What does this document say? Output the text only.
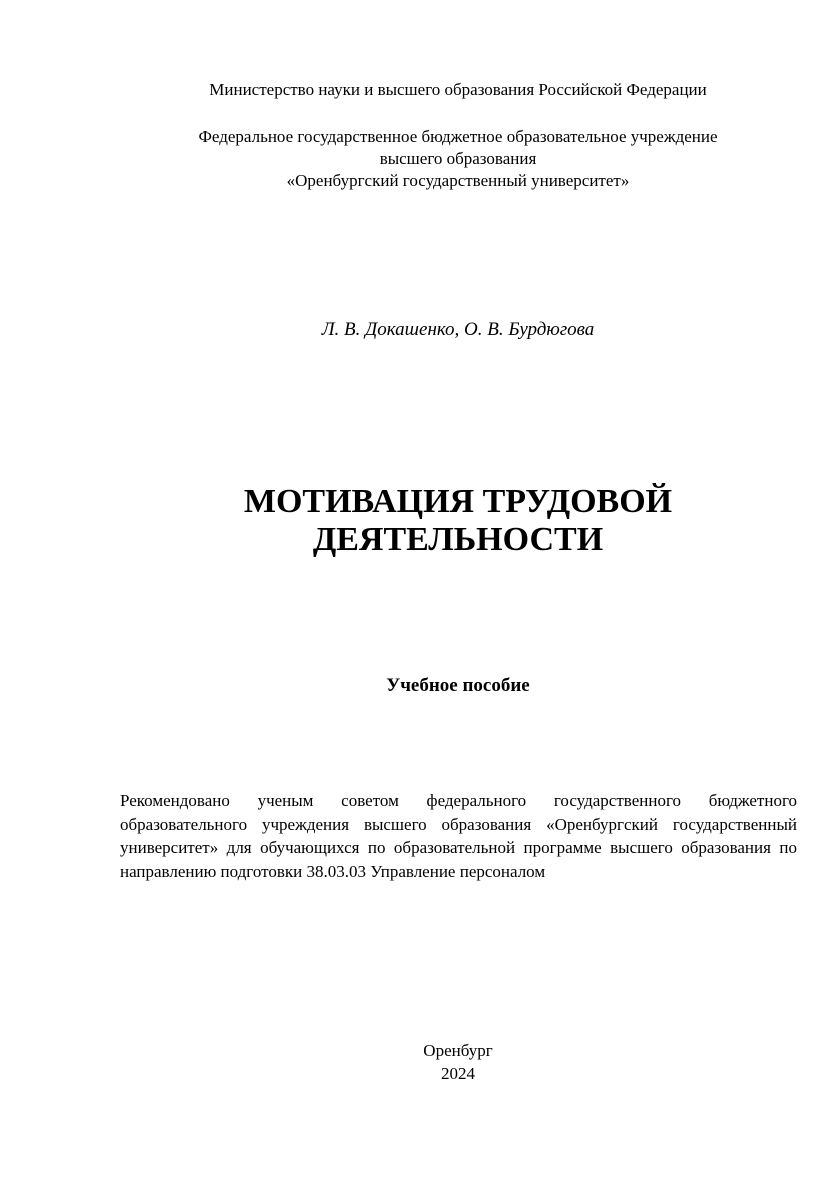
Министерство науки и высшего образования Российской Федерации
Федеральное государственное бюджетное образовательное учреждение
высшего образования
«Оренбургский государственный университет»
Л. В. Докашенко, О. В. Бурдюгова
МОТИВАЦИЯ ТРУДОВОЙ
ДЕЯТЕЛЬНОСТИ
Учебное пособие
Рекомендовано ученым советом федерального государственного бюджетного образовательного учреждения высшего образования «Оренбургский государственный университет» для обучающихся по образовательной программе высшего образования по направлению подготовки 38.03.03 Управление персоналом
Оренбург
2024
